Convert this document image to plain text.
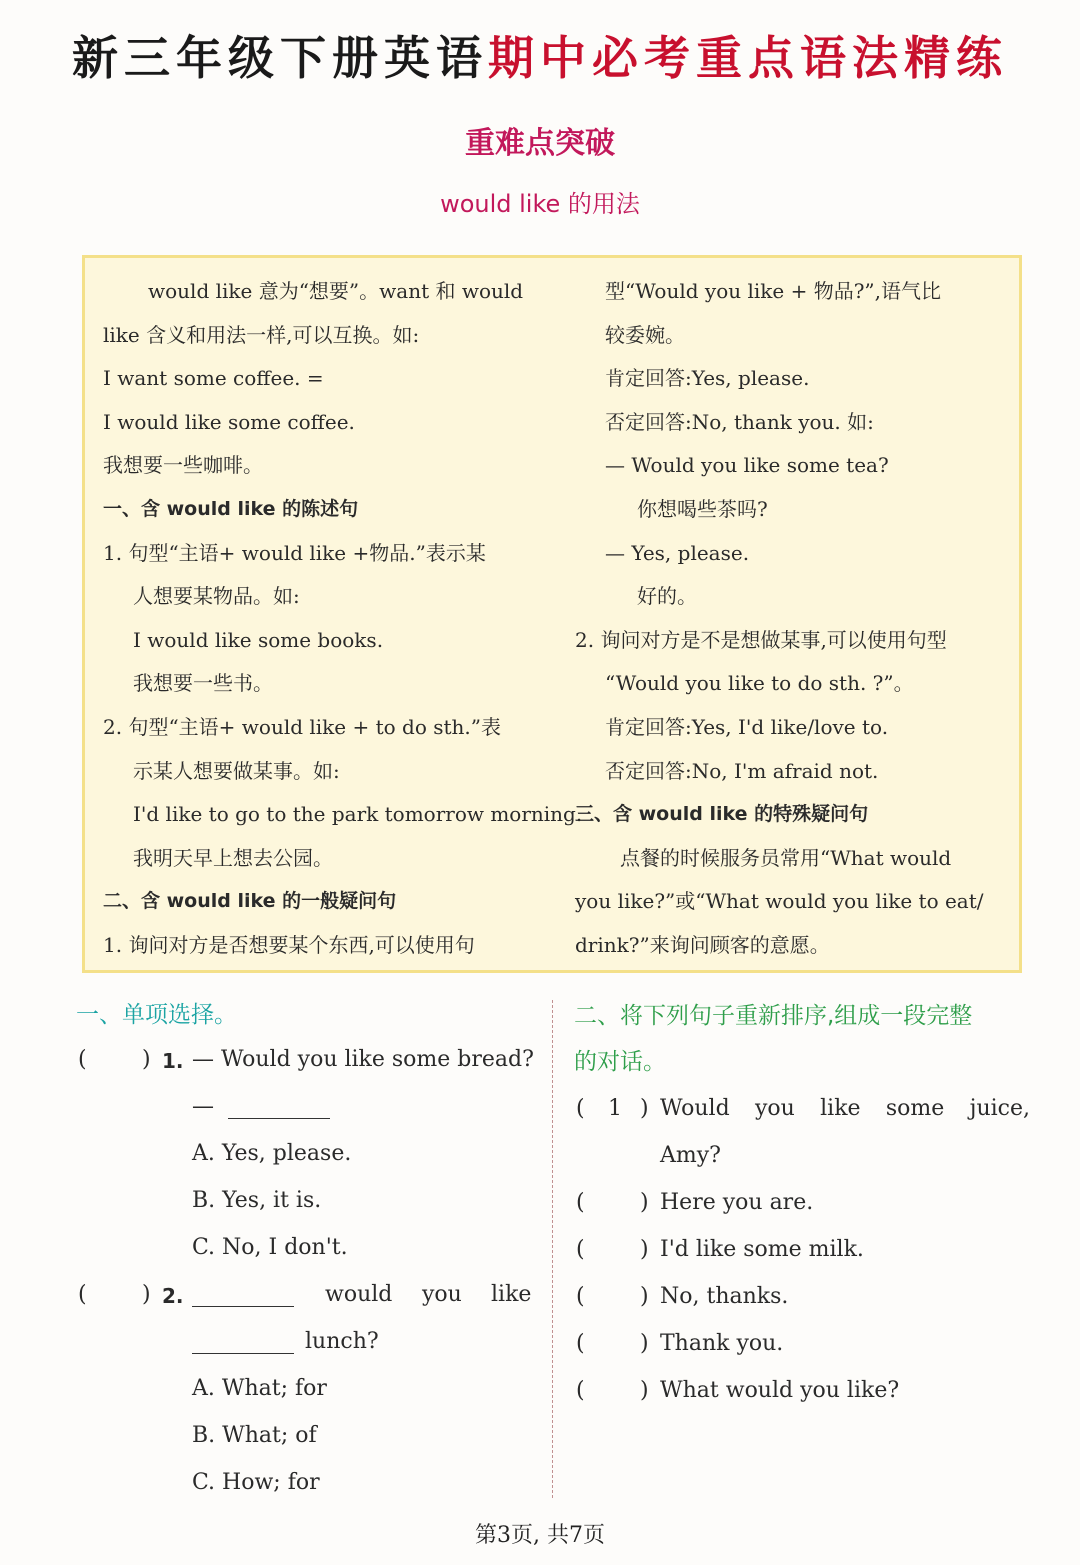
新三年级下册英语期中必考重点语法精练
重难点突破
would like 的用法
would like 意为“想要”。want 和 would
like 含义和用法一样,可以互换。如:
I want some coffee. =
I would like some coffee.
我想要一些咖啡。
一、含 would like 的陈述句
1. 句型“主语+ would like +物品.”表示某
人想要某物品。如:
I would like some books.
我想要一些书。
2. 句型“主语+ would like + to do sth.”表
示某人想要做某事。如:
I'd like to go to the park tomorrow morning.
我明天早上想去公园。
二、含 would like 的一般疑问句
1. 询问对方是否想要某个东西,可以使用句
型“Would you like + 物品?”,语气比
较委婉。
肯定回答:Yes, please.
否定回答:No, thank you. 如:
— Would you like some tea?
你想喝些茶吗?
— Yes, please.
好的。
2. 询问对方是不是想做某事,可以使用句型
“Would you like to do sth. ?”。
肯定回答:Yes, I'd like/love to.
否定回答:No, I'm afraid not.
三、含 would like 的特殊疑问句
点餐的时候服务员常用“What would
you like?”或“What would you like to eat/
drink?”来询问顾客的意愿。
一、单项选择。
(	) 1. — Would you like some bread?
—
A. Yes, please.
B. Yes, it is.
C. No, I don't.
(	) 2.	would you like
lunch?
A. What; for
B. What; of
C. How; for
二、将下列句子重新排序,组成一段完整
的对话。
( 1 ) Would you like some juice,
Amy?
(	) Here you are.
(	) I'd like some milk.
(	) No, thanks.
(	) Thank you.
(	) What would you like?
第3页, 共7页
